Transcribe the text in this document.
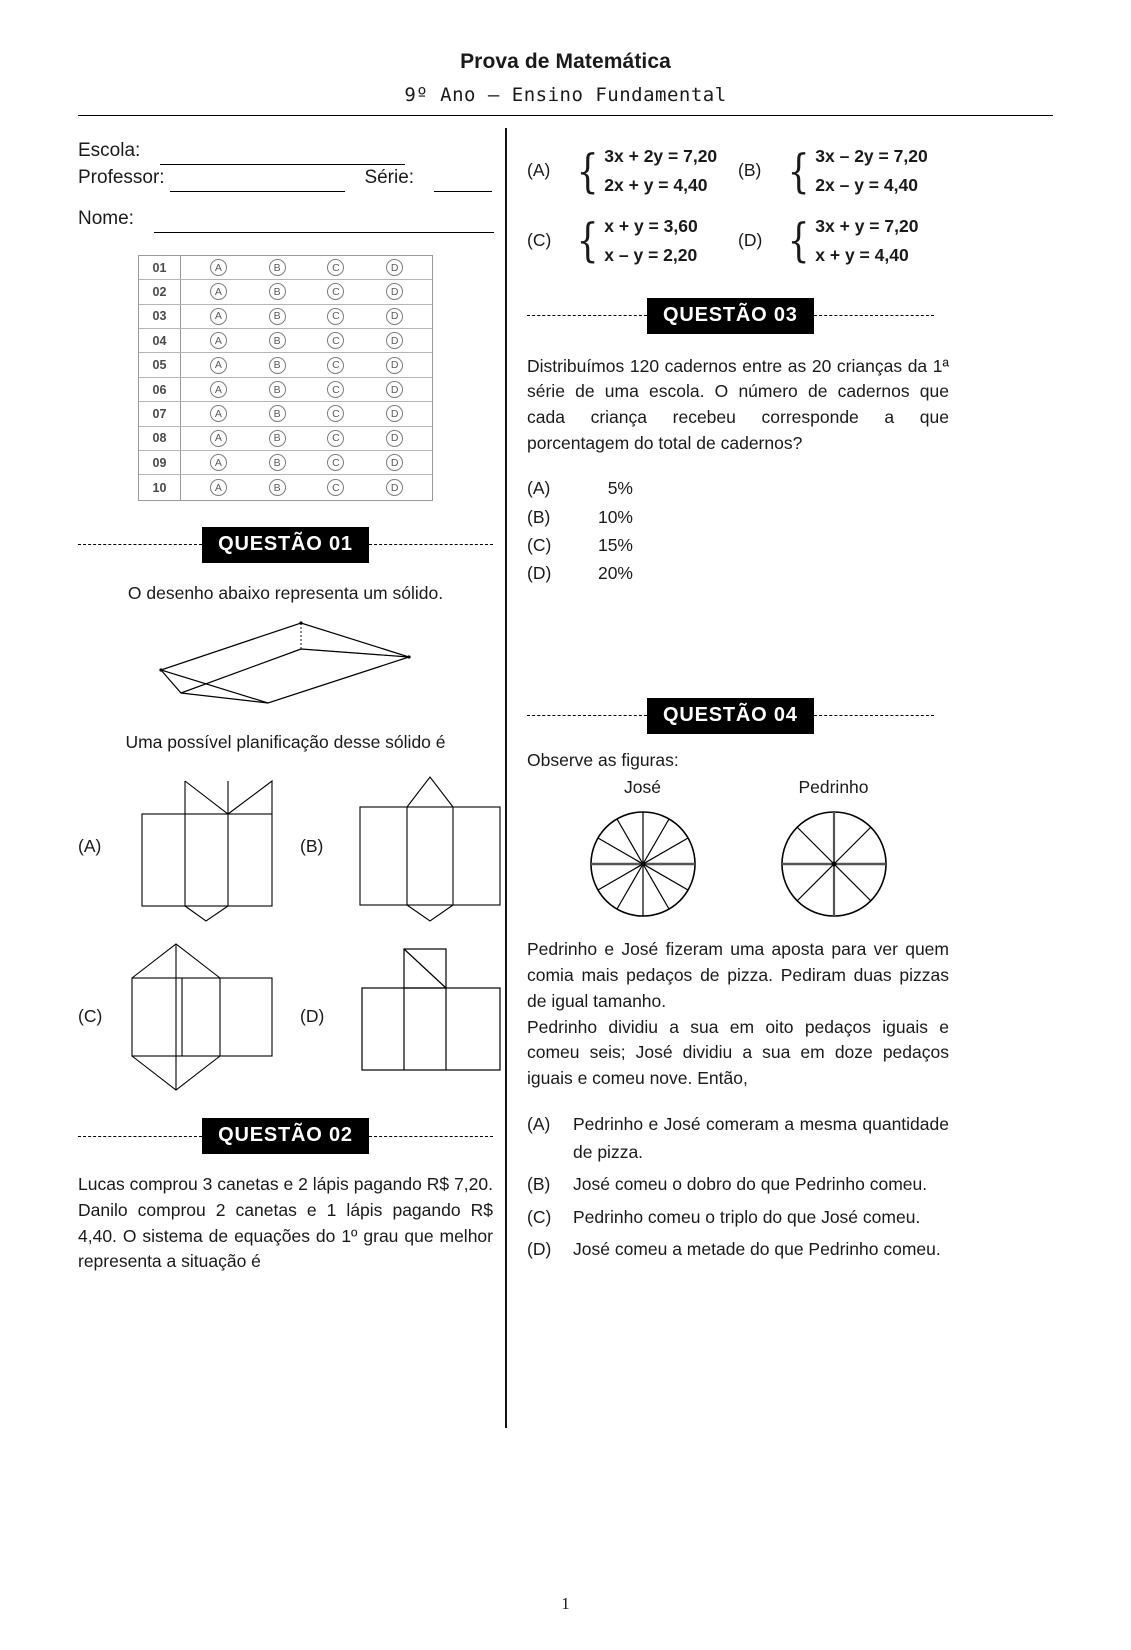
Prova de Matemática
9º Ano – Ensino Fundamental
Escola:
Professor:	Série:
Nome:
01	A	B	C	D
02	A	B	C	D
03	A	B	C	D
04	A	B	C	D
05	A	B	C	D
06	A	B	C	D
07	A	B	C	D
08	A	B	C	D
09	A	B	C	D
10	A	B	C	D
QUESTÃO 01
O desenho abaixo representa um sólido.
Uma possível planificação desse sólido é
(A)	(B)
(C)	(D)
QUESTÃO 02
Lucas comprou 3 canetas e 2 lápis pagando R$ 7,20. Danilo comprou 2 canetas e 1 lápis pagando R$ 4,40. O sistema de equações do 1º grau que melhor representa a situação é
(A) { 3x + 2y = 7,20
2x + y = 4,40
(B) { 3x – 2y = 7,20
2x – y = 4,40
(C) { x + y = 3,60
x – y = 2,20
(D) { 3x + y = 7,20
x + y = 4,40
QUESTÃO 03
Distribuímos 120 cadernos entre as 20 crianças da 1ª série de uma escola. O número de cadernos que cada criança recebeu corresponde a que porcentagem do total de cadernos?
(A)	5%
(B)	10%
(C)	15%
(D)	20%
QUESTÃO 04
Observe as figuras:
José	Pedrinho
Pedrinho e José fizeram uma aposta para ver quem comia mais pedaços de pizza. Pediram duas pizzas de igual tamanho.
Pedrinho dividiu a sua em oito pedaços iguais e comeu seis; José dividiu a sua em doze pedaços iguais e comeu nove. Então,
(A)	Pedrinho e José comeram a mesma quantidade de pizza.
(B)	José comeu o dobro do que Pedrinho comeu.
(C)	Pedrinho comeu o triplo do que José comeu.
(D)	José comeu a metade do que Pedrinho comeu.
1
